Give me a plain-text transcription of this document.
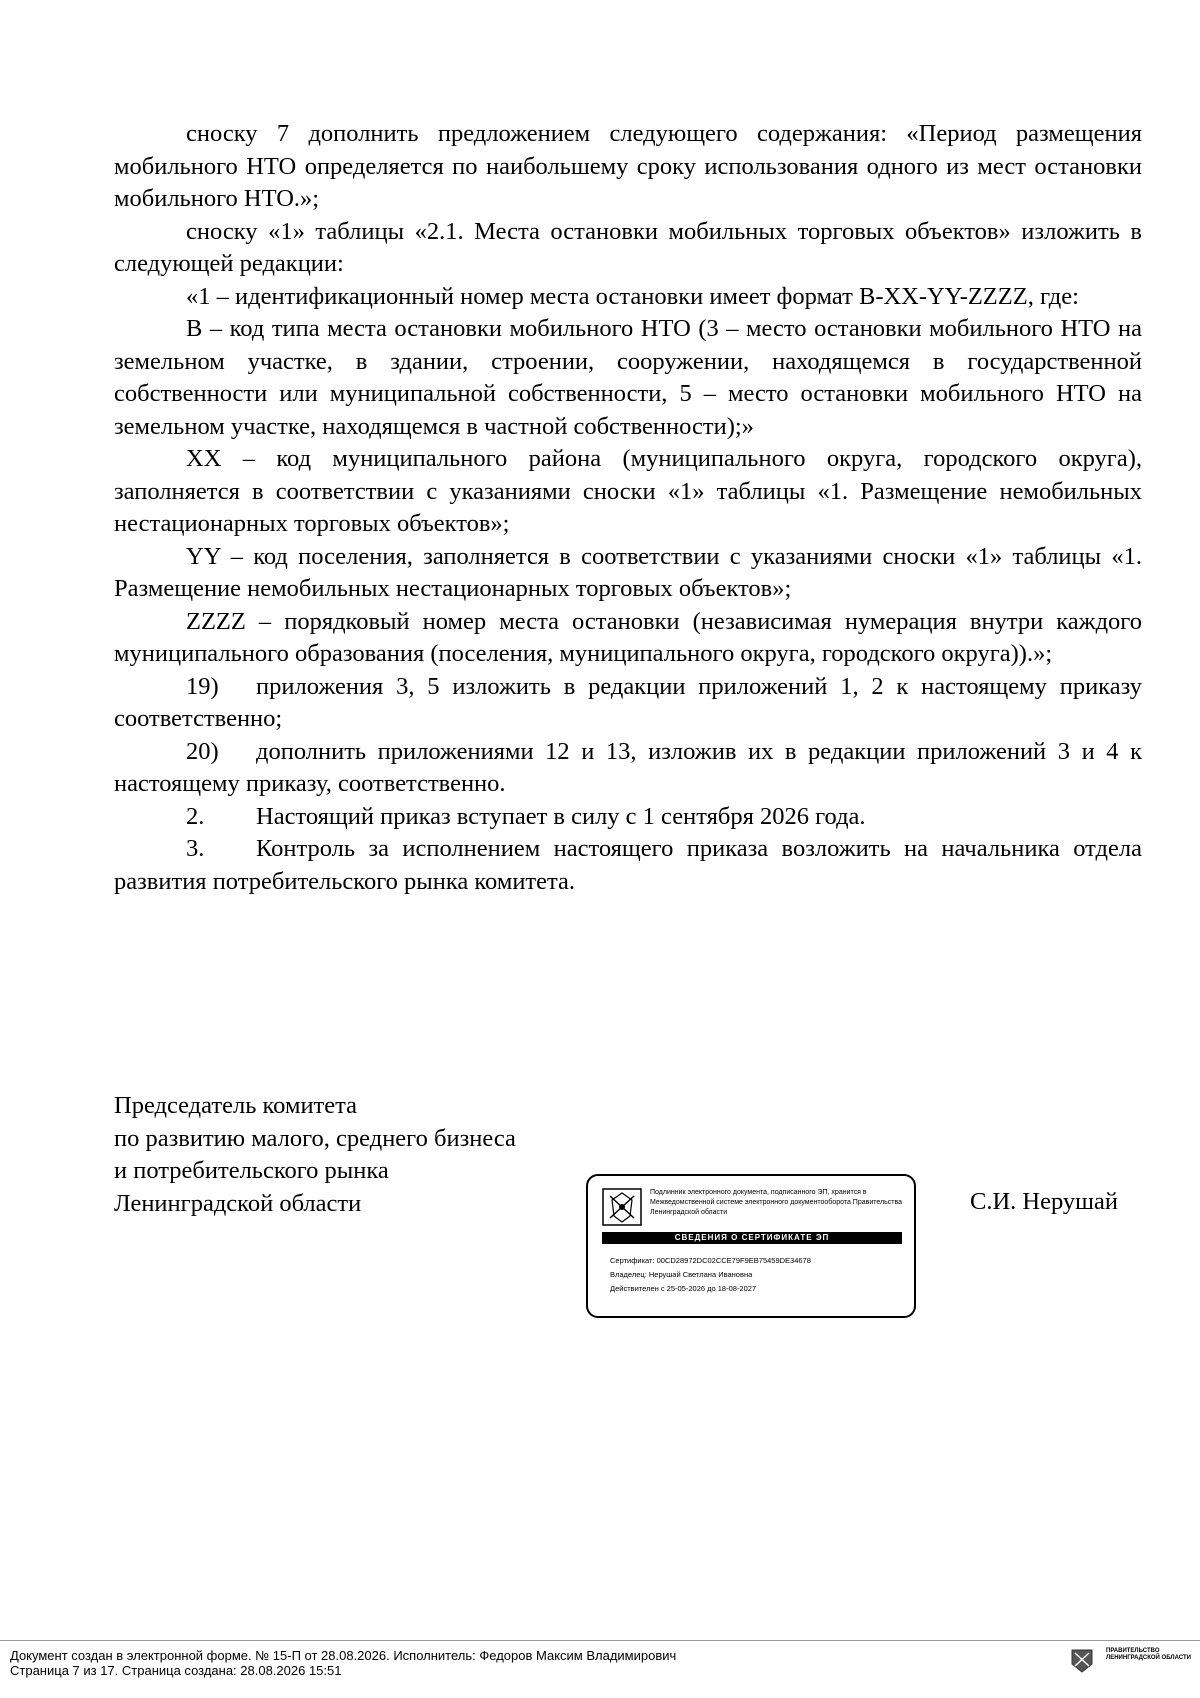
сноску 7 дополнить предложением следующего содержания: «Период размещения мобильного НТО определяется по наибольшему сроку использования одного из мест остановки мобильного НТО.»;

сноску «1» таблицы «2.1. Места остановки мобильных торговых объектов» изложить в следующей редакции:

«1 – идентификационный номер места остановки имеет формат B-XX-YY-ZZZZ, где:

B – код типа места остановки мобильного НТО (3 – место остановки мобильного НТО на земельном участке, в здании, строении, сооружении, находящемся в государственной собственности или муниципальной собственности, 5 – место остановки мобильного НТО на земельном участке, находящемся в частной собственности);»

XX – код муниципального района (муниципального округа, городского округа), заполняется в соответствии с указаниями сноски «1» таблицы «1. Размещение немобильных нестационарных торговых объектов»;

YY – код поселения, заполняется в соответствии с указаниями сноски «1» таблицы «1. Размещение немобильных нестационарных торговых объектов»;

ZZZZ – порядковый номер места остановки (независимая нумерация внутри каждого муниципального образования (поселения, муниципального округа, городского округа)).»;

19) приложения 3, 5 изложить в редакции приложений 1, 2 к настоящему приказу соответственно;

20) дополнить приложениями 12 и 13, изложив их в редакции приложений 3 и 4 к настоящему приказу, соответственно.

2. Настоящий приказ вступает в силу с 1 сентября 2026 года.

3. Контроль за исполнением настоящего приказа возложить на начальника отдела развития потребительского рынка комитета.

Председатель комитета
по развитию малого, среднего бизнеса
и потребительского рынка
Ленинградской области	Подлинник электронного документа, подписанного ЭП, хранится в Межведомственной системе электронного документооборота Правительства Ленинградской области
СВЕДЕНИЯ О СЕРТИФИКАТЕ ЭП
Сертификат: 00CD28972DC02CCE79F9EB75459DE34678
Владелец: Нерушай Светлана Ивановна
Действителен с 25-05-2026 до 18-08-2027
С.И. Нерушай
Документ создан в электронной форме. № 15-П от 28.08.2026. Исполнитель: Федоров Максим Владимирович
Страница 7 из 17. Страница создана: 28.08.2026 15:51
ПРАВИТЕЛЬСТВО ЛЕНИНГРАДСКОЙ ОБЛАСТИ
